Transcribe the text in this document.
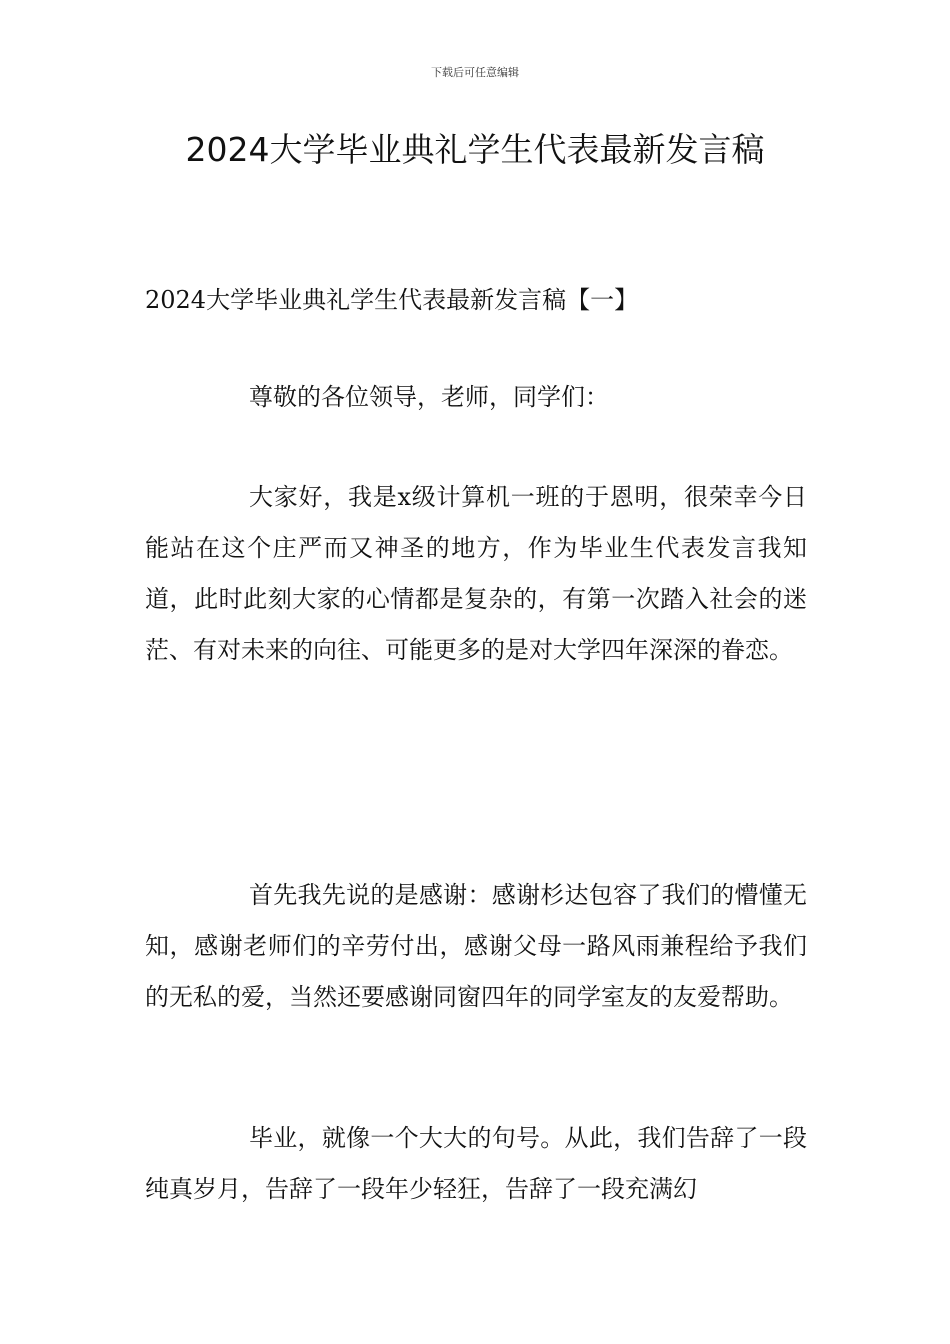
下载后可任意编辑
2024大学毕业典礼学生代表最新发言稿
2024大学毕业典礼学生代表最新发言稿【一】

尊敬的各位领导，老师，同学们：

大家好，我是x级计算机一班的于恩明，很荣幸今日能站在这个庄严而又神圣的地方，作为毕业生代表发言我知道，此时此刻大家的心情都是复杂的，有第一次踏入社会的迷茫、有对未来的向往、可能更多的是对大学四年深深的眷恋。

首先我先说的是感谢：感谢杉达包容了我们的懵懂无知，感谢老师们的辛劳付出，感谢父母一路风雨兼程给予我们的无私的爱，当然还要感谢同窗四年的同学室友的友爱帮助。

毕业，就像一个大大的句号。从此，我们告辞了一段纯真岁月，告辞了一段年少轻狂，告辞了一段充满幻
